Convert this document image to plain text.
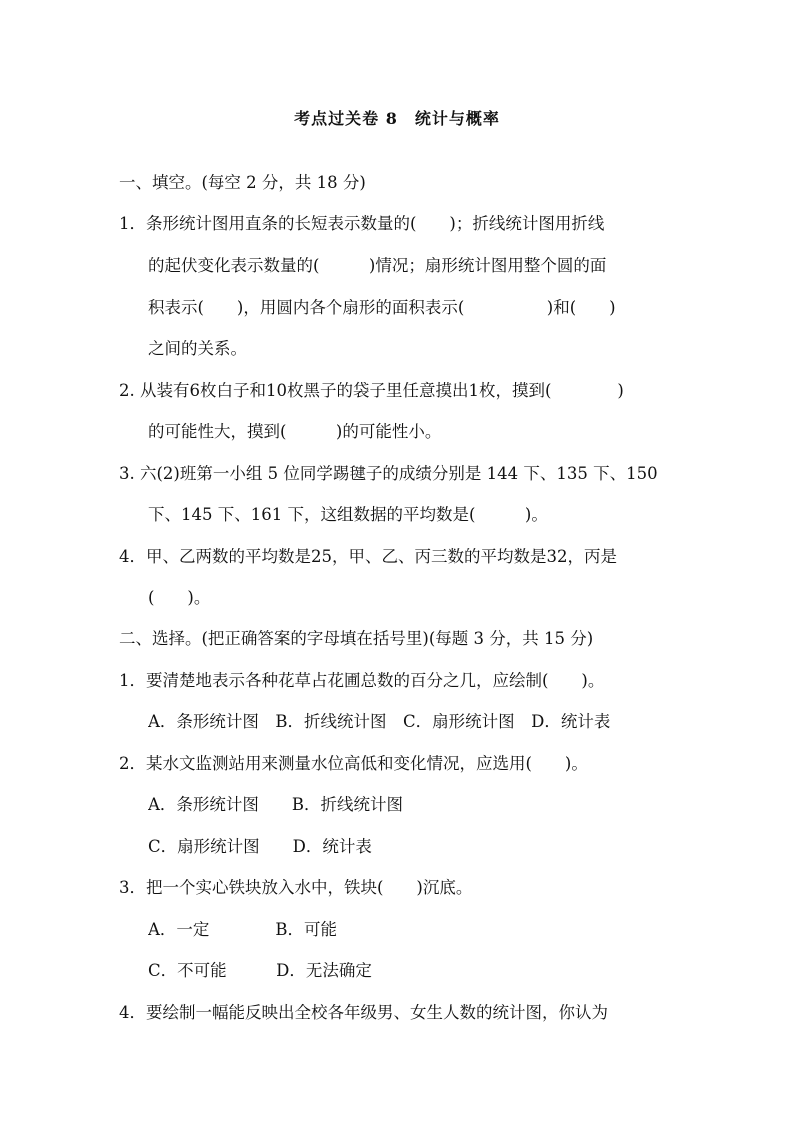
考点过关卷 8　统计与概率
一、填空。(每空 2 分，共 18 分)
1．条形统计图用直条的长短表示数量的(　　)；折线统计图用折线
的起伏变化表示数量的(　　　)情况；扇形统计图用整个圆的面
积表示(　　)，用圆内各个扇形的面积表示(　　　　　)和(　　)
之间的关系。
2. 从装有6枚白子和10枚黑子的袋子里任意摸出1枚，摸到(　　　　)
的可能性大，摸到(　　　)的可能性小。
3. 六(2)班第一小组 5 位同学踢毽子的成绩分别是 144 下、135 下、150
下、145 下、161 下，这组数据的平均数是(　　　)。
4．甲、乙两数的平均数是25，甲、乙、丙三数的平均数是32，丙是
(　　)。
二、选择。(把正确答案的字母填在括号里)(每题 3 分，共 15 分)
1．要清楚地表示各种花草占花圃总数的百分之几，应绘制(　　)。
A．条形统计图　B．折线统计图　C．扇形统计图　D．统计表
2．某水文监测站用来测量水位高低和变化情况，应选用(　　)。
A．条形统计图　　B．折线统计图
C．扇形统计图　　D．统计表
3．把一个实心铁块放入水中，铁块(　　)沉底。
A．一定　　　　B．可能
C．不可能　　　D．无法确定
4．要绘制一幅能反映出全校各年级男、女生人数的统计图，你认为
